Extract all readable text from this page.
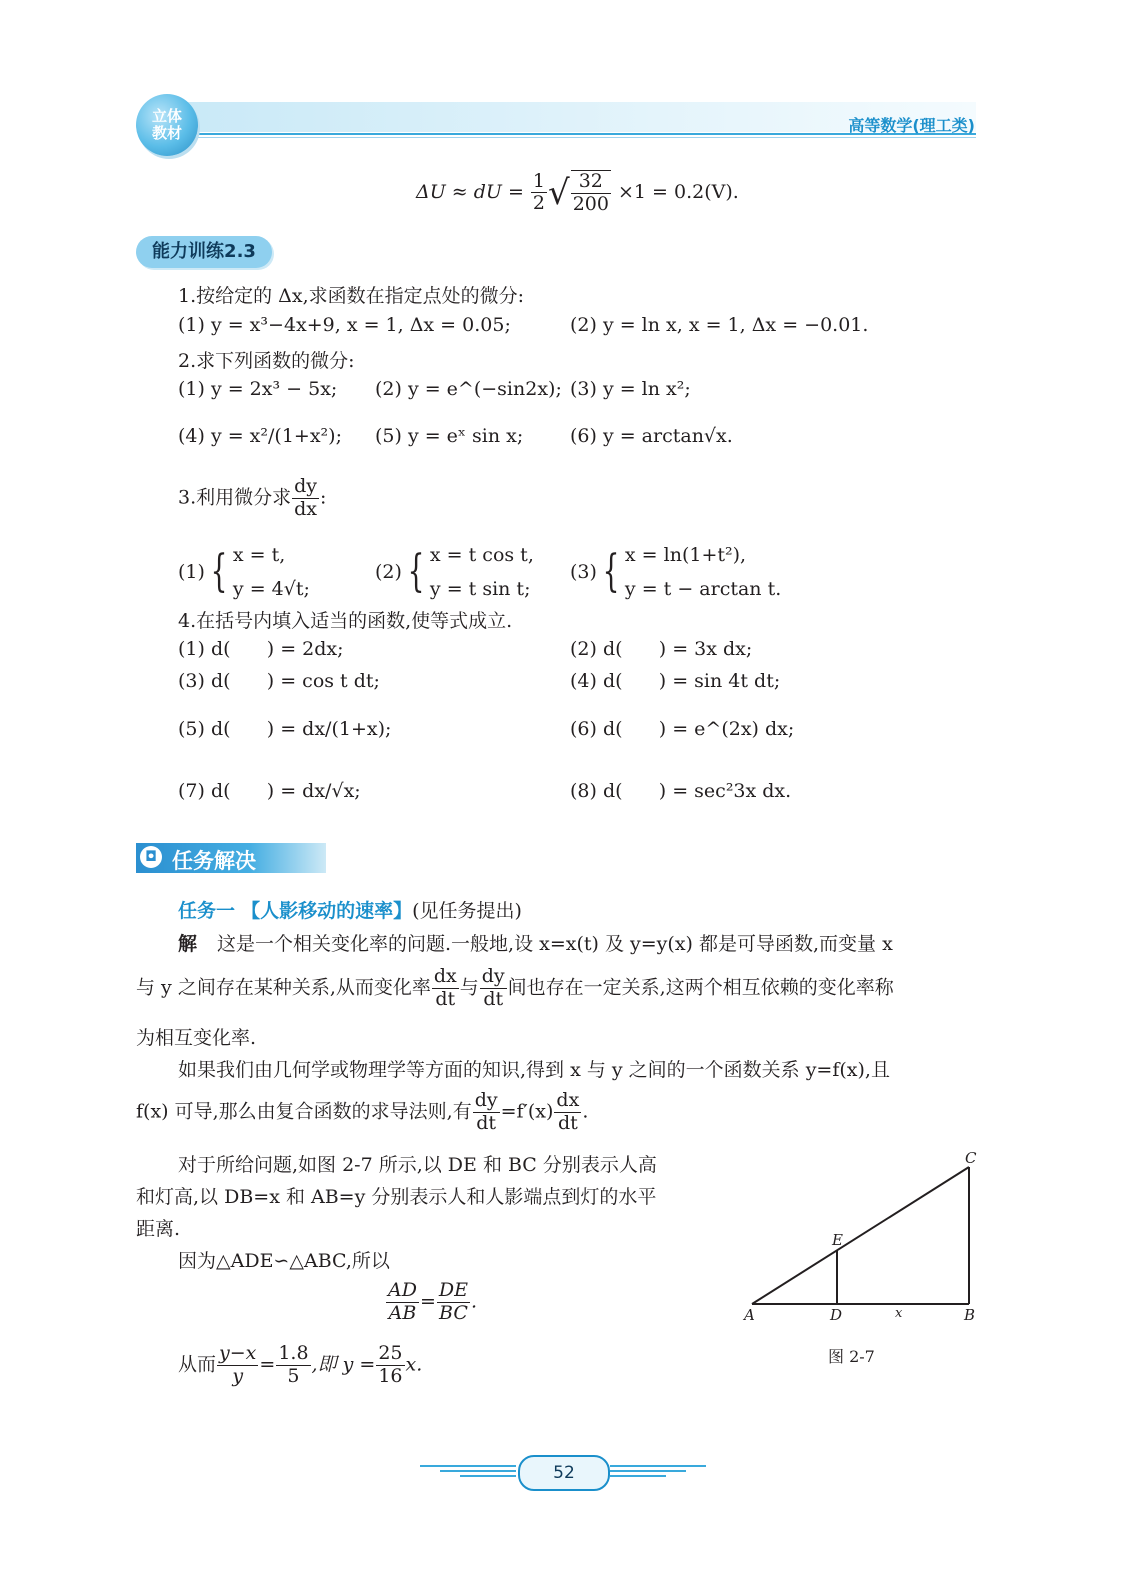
立体
教材	高等数学(理工类)
ΔU ≈ dU = $\frac{1}{2}$ √ $\frac{32}{200} \times 1 = 0.2(V)$.
能力训练2.3
1.按给定的 Δx,求函数在指定点处的微分:
(1) y = x³−4x+9, x = 1, Δx = 0.05;	(2) y = ln x, x = 1, Δx = −0.01.
2.求下列函数的微分:
(1) y = 2x³ − 5x; (2) y = e^(−sin2x); (3) y = ln x²;
(4) y = x²/(1+x²); (5) y = eˣ sin x; (6) y = arctan√x.
3.利用微分求 $\frac{dy}{dx}$ :
(1) { x = t,
y = 4√t;
(2) { x = t cos t,
y = t sin t;
(3) { x = ln(1+t²),
y = t − arctan t.
4.在括号内填入适当的函数,使等式成立.
(1) d(      ) = 2dx;	(2) d(      ) = 3x dx;
(3) d(      ) = cos t dt;	(4) d(      ) = sin 4t dt;
(5) d(      ) = dx/(1+x);	(6) d(      ) = e^(2x) dx;
(7) d(      ) = dx/√x;	(8) d(      ) = sec²3x dx.
◘ 任务解决
任务一 【人影移动的速率】(见任务提出)
解 这是一个相关变化率的问题.一般地,设 x=x(t) 及 y=y(x) 都是可导函数,而变量 x
与 y 之间存在某种关系,从而变化率 $\frac{dx}{dt}$ 与 $\frac{dy}{dt}$ 间也存在一定关系,这两个相互依赖的变化率称
为相互变化率.
如果我们由几何学或物理学等方面的知识,得到 x 与 y 之间的一个函数关系 y=f(x),且
f(x) 可导,那么由复合函数的求导法则,有 $\frac{dy}{dt} =f'(x) \frac{dx}{dt}$ .
对于所给问题,如图 2-7 所示,以 DE 和 BC 分别表示人高
和灯高,以 DB=x 和 AB=y 分别表示人和人影端点到灯的水平
距离.
因为△ADE∽△ABC,所以
$\frac{AD}{AB} = \frac{DE}{BC}$ .
从而 $\frac{y-x}{y} = \frac{1.8}{5}$ ,即 $y = \frac{25}{16} x$.
A	D	B
C
E
x
图 2-7
52
